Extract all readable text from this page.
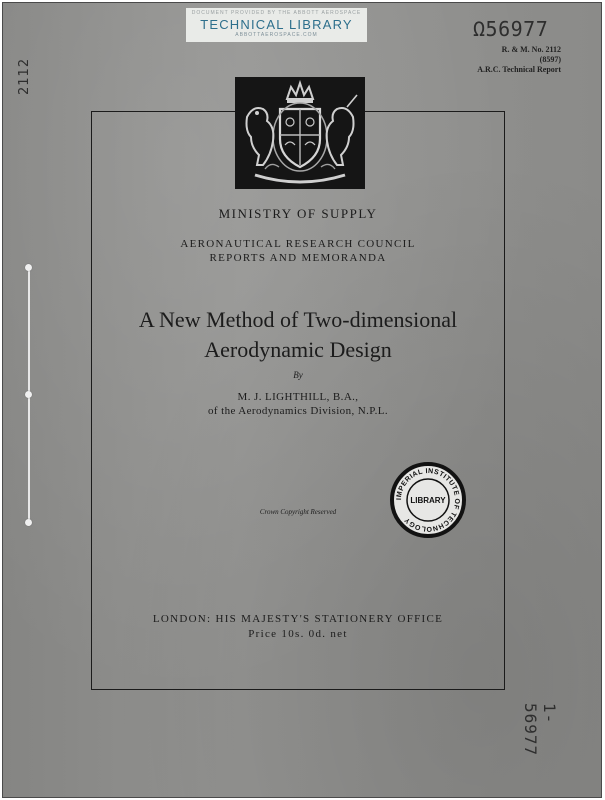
DOCUMENT PROVIDED BY THE ABBOTT AEROSPACE
TECHNICAL LIBRARY
ABBOTTAEROSPACE.COM
2112
Ω56977
1-56977
R. & M. No. 2112
(8597)
A.R.C. Technical Report
MINISTRY OF SUPPLY
AERONAUTICAL RESEARCH COUNCIL
REPORTS AND MEMORANDA
A New Method of Two-dimensional
Aerodynamic Design
By
M. J. LIGHTHILL, B.A.,
of the Aerodynamics Division, N.P.L.
IMPERIAL INSTITUTE OF TECHNOLOGY
LIBRARY
Crown Copyright Reserved
LONDON: HIS MAJESTY'S STATIONERY OFFICE
Price 10s. 0d. net
